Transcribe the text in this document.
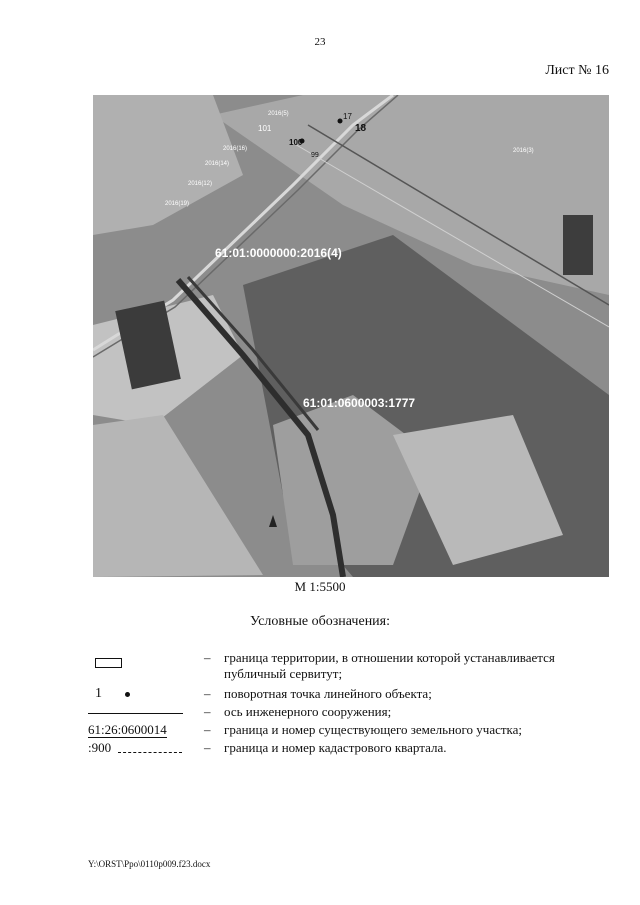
23
Лист № 16
61:01:0000000:2016(4)
61:01:0600003:1777
101
100
99
17
18
2016(5)
2016(16)
2016(14)
2016(12)
2016(19)
2016(3)
М 1:5500
Условные обозначения:
– граница территории, в отношении которой устанавливается публичный сервитут;
1	– поворотная точка линейного объекта;
– ось инженерного сооружения;
61:26:0600014	– граница и номер существующего земельного участка;
:900	– граница и номер кадастрового квартала.
Y:\ORST\Ppo\0110p009.f23.docx
